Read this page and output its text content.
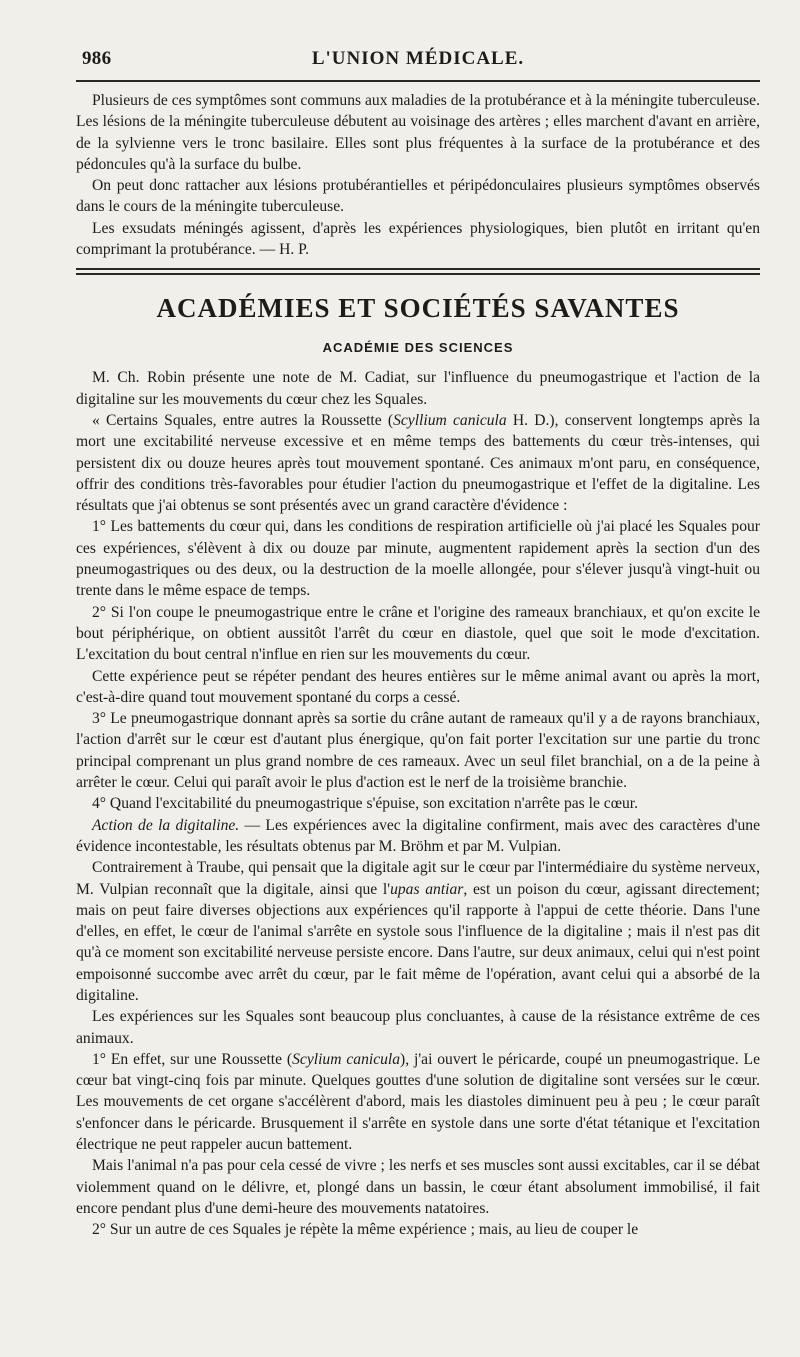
986	L'UNION MÉDICALE.

Plusieurs de ces symptômes sont communs aux maladies de la protubérance et à la méningite tuberculeuse. Les lésions de la méningite tuberculeuse débutent au voisinage des artères ; elles marchent d'avant en arrière, de la sylvienne vers le tronc basilaire. Elles sont plus fréquentes à la surface de la protubérance et des pédoncules qu'à la surface du bulbe.

On peut donc rattacher aux lésions protubérantielles et péripédonculaires plusieurs symptômes observés dans le cours de la méningite tuberculeuse.

Les exsudats méningés agissent, d'après les expériences physiologiques, bien plutôt en irritant qu'en comprimant la protubérance. — H. P.

ACADÉMIES ET SOCIÉTÉS SAVANTES
ACADÉMIE DES SCIENCES

M. Ch. Robin présente une note de M. Cadiat, sur l'influence du pneumogastrique et l'action de la digitaline sur les mouvements du cœur chez les Squales.

« Certains Squales, entre autres la Roussette (Scyllium canicula H. D.), conservent longtemps après la mort une excitabilité nerveuse excessive et en même temps des battements du cœur très-intenses, qui persistent dix ou douze heures après tout mouvement spontané. Ces animaux m'ont paru, en conséquence, offrir des conditions très-favorables pour étudier l'action du pneumogastrique et l'effet de la digitaline. Les résultats que j'ai obtenus se sont présentés avec un grand caractère d'évidence :

1° Les battements du cœur qui, dans les conditions de respiration artificielle où j'ai placé les Squales pour ces expériences, s'élèvent à dix ou douze par minute, augmentent rapidement après la section d'un des pneumogastriques ou des deux, ou la destruction de la moelle allongée, pour s'élever jusqu'à vingt-huit ou trente dans le même espace de temps.

2° Si l'on coupe le pneumogastrique entre le crâne et l'origine des rameaux branchiaux, et qu'on excite le bout périphérique, on obtient aussitôt l'arrêt du cœur en diastole, quel que soit le mode d'excitation. L'excitation du bout central n'influe en rien sur les mouvements du cœur.

Cette expérience peut se répéter pendant des heures entières sur le même animal avant ou après la mort, c'est-à-dire quand tout mouvement spontané du corps a cessé.

3° Le pneumogastrique donnant après sa sortie du crâne autant de rameaux qu'il y a de rayons branchiaux, l'action d'arrêt sur le cœur est d'autant plus énergique, qu'on fait porter l'excitation sur une partie du tronc principal comprenant un plus grand nombre de ces rameaux. Avec un seul filet branchial, on a de la peine à arrêter le cœur. Celui qui paraît avoir le plus d'action est le nerf de la troisième branchie.

4° Quand l'excitabilité du pneumogastrique s'épuise, son excitation n'arrête pas le cœur.

Action de la digitaline. — Les expériences avec la digitaline confirment, mais avec des caractères d'une évidence incontestable, les résultats obtenus par M. Bröhm et par M. Vulpian.

Contrairement à Traube, qui pensait que la digitale agit sur le cœur par l'intermédiaire du système nerveux, M. Vulpian reconnaît que la digitale, ainsi que l'upas antiar, est un poison du cœur, agissant directement; mais on peut faire diverses objections aux expériences qu'il rapporte à l'appui de cette théorie. Dans l'une d'elles, en effet, le cœur de l'animal s'arrête en systole sous l'influence de la digitaline ; mais il n'est pas dit qu'à ce moment son excitabilité nerveuse persiste encore. Dans l'autre, sur deux animaux, celui qui n'est point empoisonné succombe avec arrêt du cœur, par le fait même de l'opération, avant celui qui a absorbé de la digitaline.

Les expériences sur les Squales sont beaucoup plus concluantes, à cause de la résistance extrême de ces animaux.

1° En effet, sur une Roussette (Scylium canicula), j'ai ouvert le péricarde, coupé un pneumogastrique. Le cœur bat vingt-cinq fois par minute. Quelques gouttes d'une solution de digitaline sont versées sur le cœur. Les mouvements de cet organe s'accélèrent d'abord, mais les diastoles diminuent peu à peu ; le cœur paraît s'enfoncer dans le péricarde. Brusquement il s'arrête en systole dans une sorte d'état tétanique et l'excitation électrique ne peut rappeler aucun battement.

Mais l'animal n'a pas pour cela cessé de vivre ; les nerfs et ses muscles sont aussi excitables, car il se débat violemment quand on le délivre, et, plongé dans un bassin, le cœur étant absolument immobilisé, il fait encore pendant plus d'une demi-heure des mouvements natatoires.

2° Sur un autre de ces Squales je répète la même expérience ; mais, au lieu de couper le
